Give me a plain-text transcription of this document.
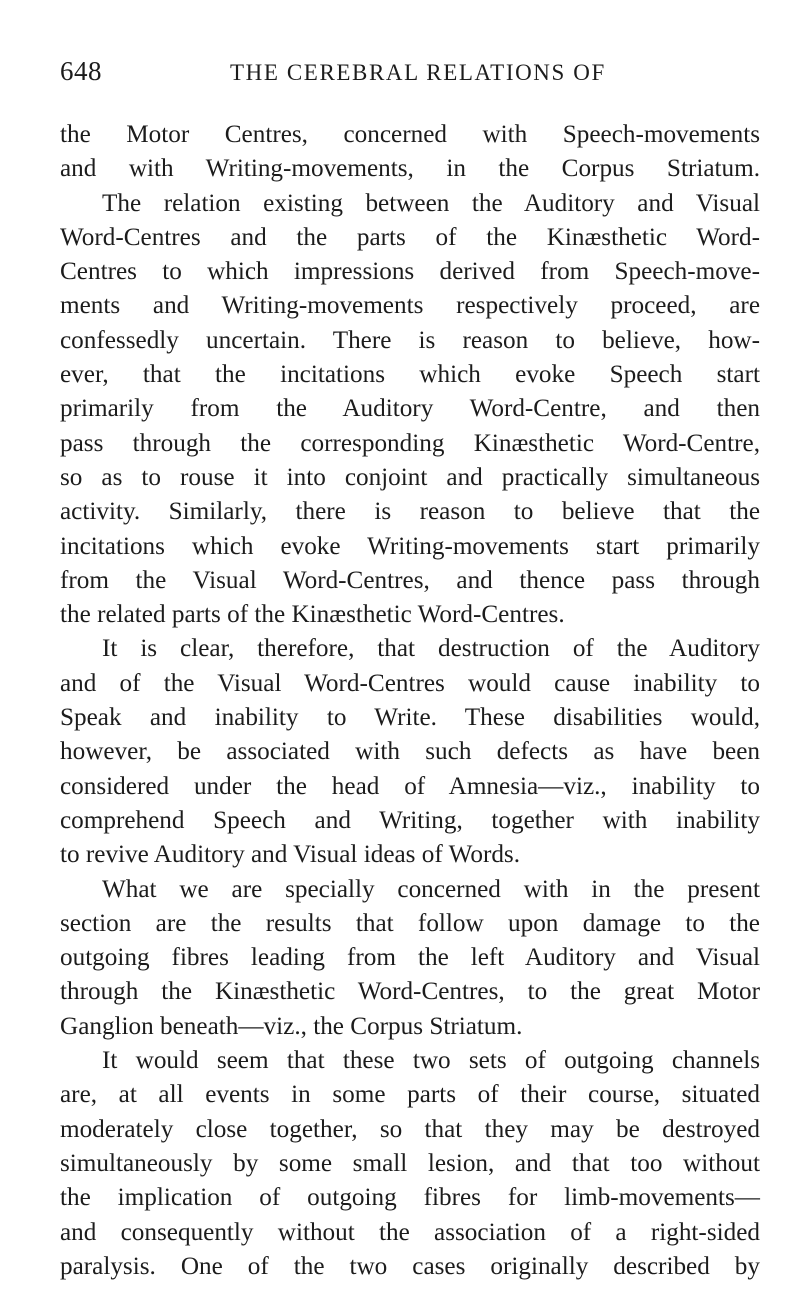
648	THE CEREBRAL RELATIONS OF
the Motor Centres, concerned with Speech-movements
and with Writing-movements, in the Corpus Striatum.
The relation existing between the Auditory and Visual
Word-Centres and the parts of the Kinæsthetic Word-
Centres to which impressions derived from Speech-move-
ments and Writing-movements respectively proceed, are
confessedly uncertain. There is reason to believe, how-
ever, that the incitations which evoke Speech start
primarily from the Auditory Word-Centre, and then
pass through the corresponding Kinæsthetic Word-Centre,
so as to rouse it into conjoint and practically simultaneous
activity. Similarly, there is reason to believe that the
incitations which evoke Writing-movements start primarily
from the Visual Word-Centres, and thence pass through
the related parts of the Kinæsthetic Word-Centres.
It is clear, therefore, that destruction of the Auditory
and of the Visual Word-Centres would cause inability to
Speak and inability to Write. These disabilities would,
however, be associated with such defects as have been
considered under the head of Amnesia—viz., inability to
comprehend Speech and Writing, together with inability
to revive Auditory and Visual ideas of Words.
What we are specially concerned with in the present
section are the results that follow upon damage to the
outgoing fibres leading from the left Auditory and Visual
through the Kinæsthetic Word-Centres, to the great Motor
Ganglion beneath—viz., the Corpus Striatum.
It would seem that these two sets of outgoing channels
are, at all events in some parts of their course, situated
moderately close together, so that they may be destroyed
simultaneously by some small lesion, and that too without
the implication of outgoing fibres for limb-movements—
and consequently without the association of a right-sided
paralysis. One of the two cases originally described by
